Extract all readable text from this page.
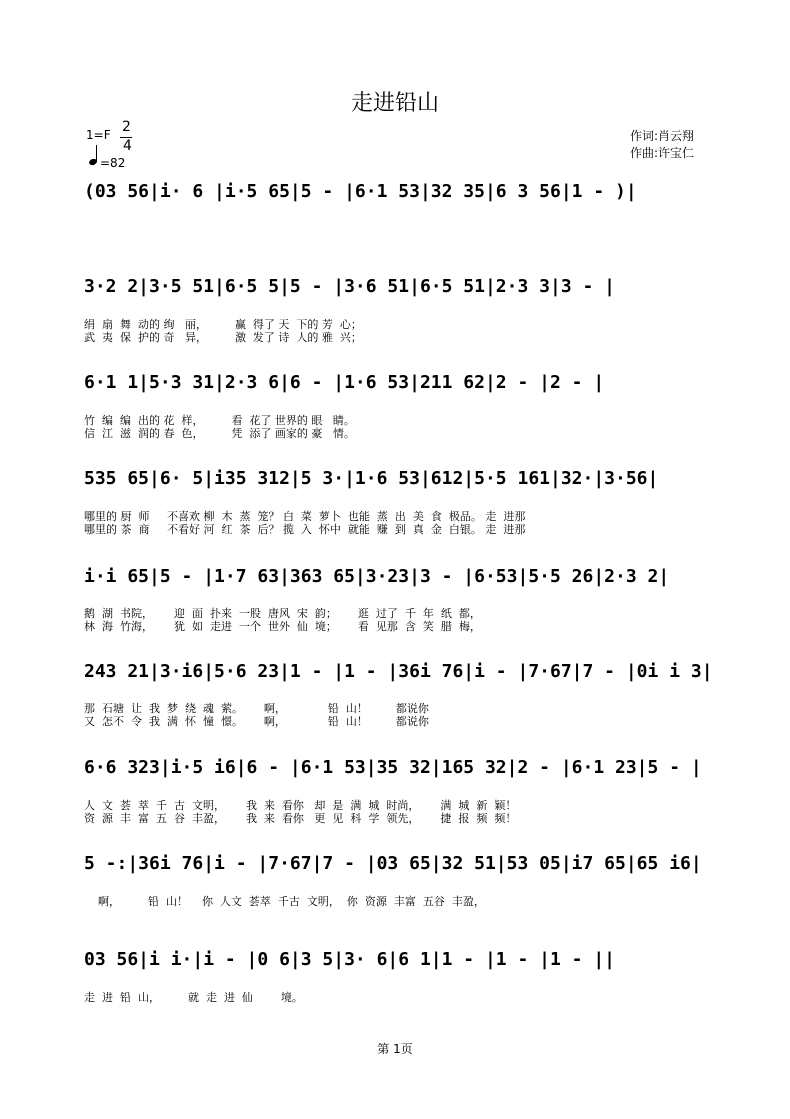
走进铅山
1=F 2
4
=82
作词:肖云翔
作曲:许宝仁
(03 56|i· 6 |i·5 65|5 - |6·1 53|32 35|6 3 56|1 - )|
3·2 2|3·5 51|6·5 5|5 - |3·6 51|6·5 51|2·3 3|3 - |
绢  扇  舞  动的 绚   丽，        赢  得了 天  下的 芳  心；
武  夷  保  护的 奇   异，        激  发了 诗  人的 雅  兴；
6·1 1|5·3 31|2·3 6|6 - |1·6 53|211 62|2 - |2 - |
竹  编  编  出的 花  样，        看  花了 世界的 眼   睛。
信  江  滋  润的 春  色，        凭  添了 画家的 豪   情。
535 65|6· 5|i35 312|5 3·|1·6 53|612|5·5 161|32·|3·56|
哪里的 厨  师     不喜欢 柳  木  蒸  笼？ 白  菜  萝卜  也能  蒸  出  美  食  极品。 走  进那
哪里的 茶  商     不看好 河  红  茶  后？ 揽  入  怀中  就能  赚  到  真  金  白银。 走  进那
i·i 65|5 - |1·7 63|363 65|3·23|3 - |6·53|5·5 26|2·3 2|
鹅  湖  书院，      迎  面  扑来  一股  唐风  宋  韵；      逛  过了  千  年  纸  都，
林  海  竹海，      犹  如  走进  一个  世外  仙  境；      看  见那  含  笑  腊  梅，
243 21|3·i6|5·6 23|1 - |1 - |36i 76|i - |7·67|7 - |0i i 3|
那  石塘  让  我  梦  绕  魂  萦。      啊，            铅  山！        都说你
又  怎不  令  我  满  怀  憧  憬。      啊，            铅  山！        都说你
6·6 323|i·5 i6|6 - |6·1 53|35 32|165 32|2 - |6·1 23|5 - |
人  文  荟  萃  千  古  文明，      我  来  看你   却  是  满  城  时尚，      满  城  新  颖！
资  源  丰  富  五  谷  丰盈，      我  来  看你   更  见  科  学  领先，      捷  报  频  频！
5 -:|36i 76|i - |7·67|7 - |03 65|32 51|53 05|i7 65|65 i6|
啊，        铅  山！    你  人文  荟萃  千古  文明，  你  资源  丰富  五谷  丰盈，
03 56|i i·|i - |0 6|3 5|3· 6|6 1|1 - |1 - |1 - ||
走  进  铅  山，        就  走  进  仙        境。
第 1页
